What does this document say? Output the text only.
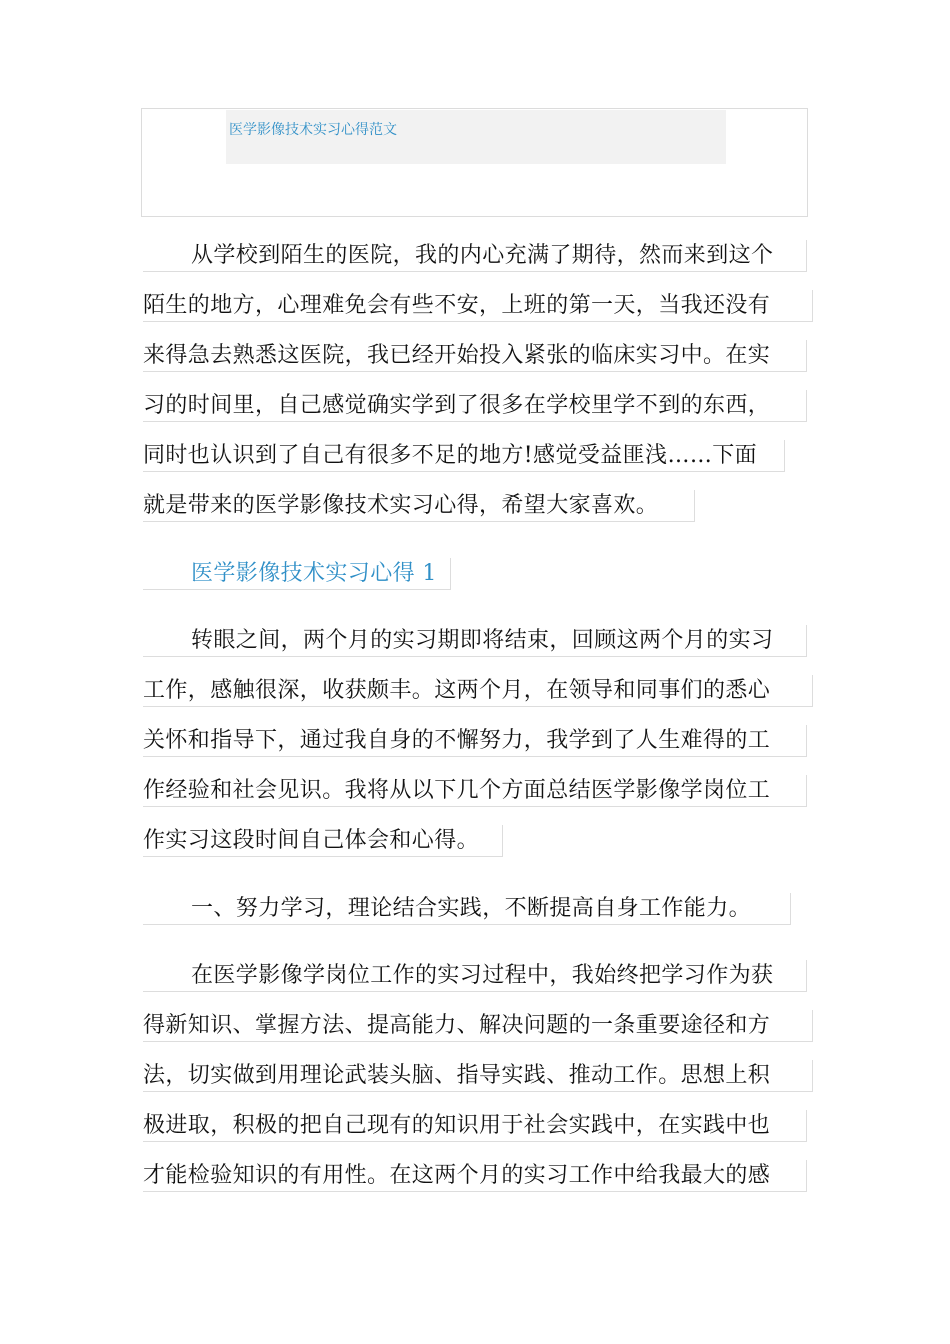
医学影像技术实习心得范文
从学校到陌生的医院，我的内心充满了期待，然而来到这个
陌生的地方，心理难免会有些不安，上班的第一天，当我还没有
来得急去熟悉这医院，我已经开始投入紧张的临床实习中。在实
习的时间里，自己感觉确实学到了很多在学校里学不到的东西，
同时也认识到了自己有很多不足的地方!感觉受益匪浅……下面
就是带来的医学影像技术实习心得，希望大家喜欢。
医学影像技术实习心得 1
转眼之间，两个月的实习期即将结束，回顾这两个月的实习
工作，感触很深，收获颇丰。这两个月，在领导和同事们的悉心
关怀和指导下，通过我自身的不懈努力，我学到了人生难得的工
作经验和社会见识。我将从以下几个方面总结医学影像学岗位工
作实习这段时间自己体会和心得。
一、努力学习，理论结合实践，不断提高自身工作能力。
在医学影像学岗位工作的实习过程中，我始终把学习作为获
得新知识、掌握方法、提高能力、解决问题的一条重要途径和方
法，切实做到用理论武装头脑、指导实践、推动工作。思想上积
极进取，积极的把自己现有的知识用于社会实践中，在实践中也
才能检验知识的有用性。在这两个月的实习工作中给我最大的感
